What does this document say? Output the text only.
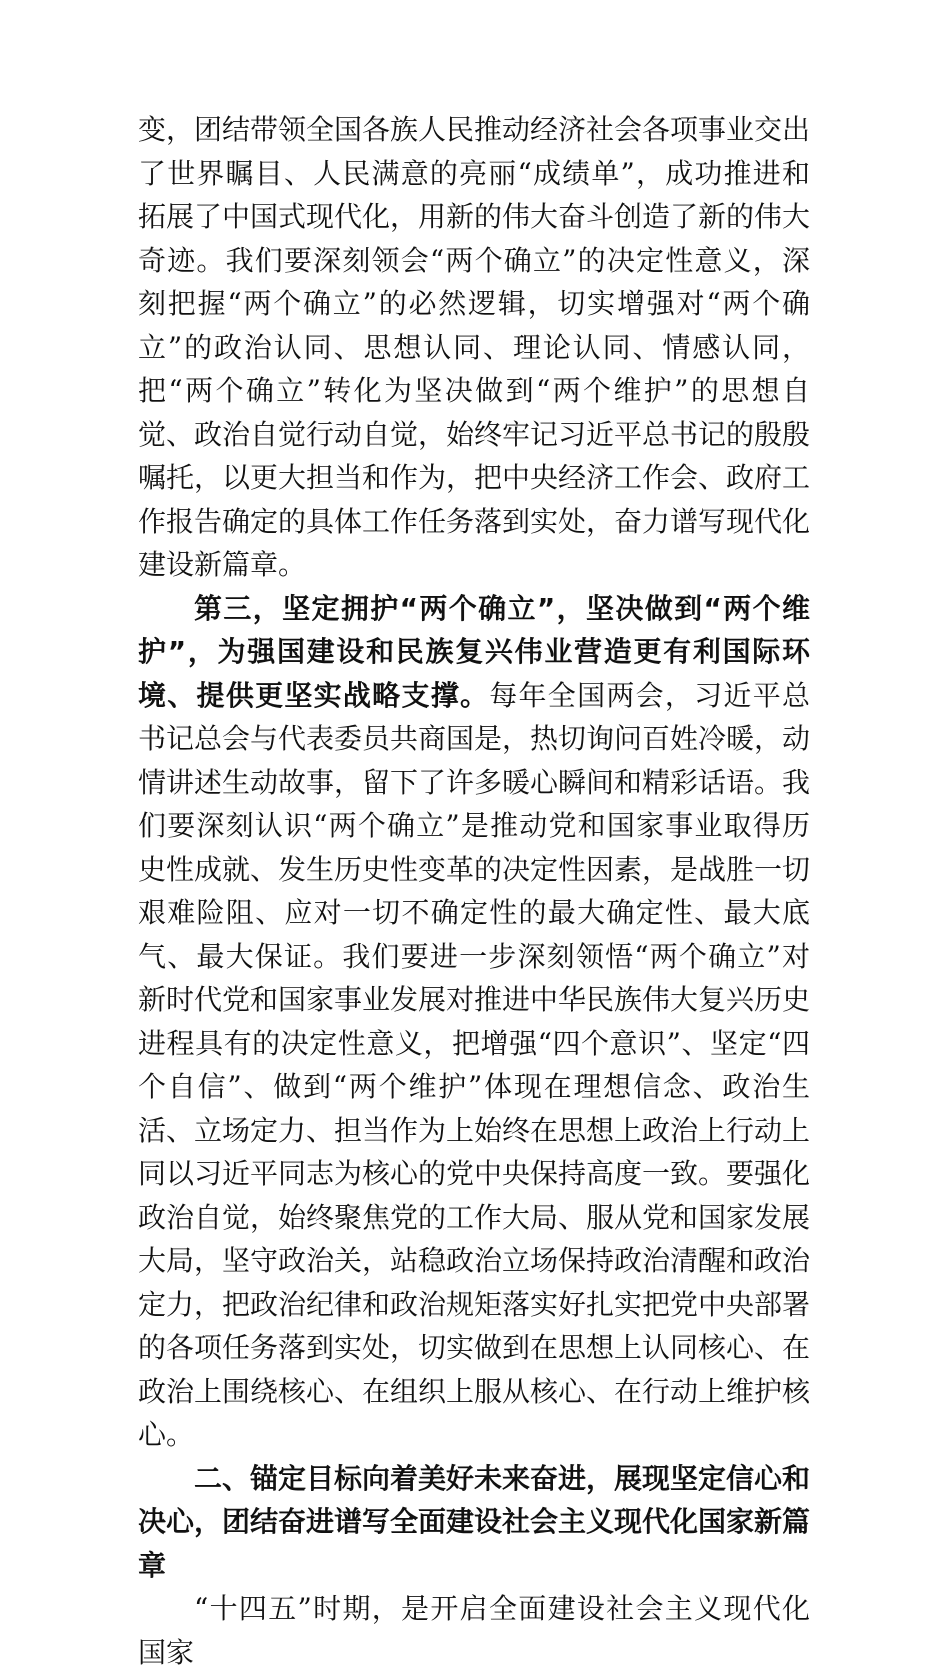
变，团结带领全国各族人民推动经济社会各项事业交出了世界瞩目、人民满意的亮丽“成绩单”，成功推进和拓展了中国式现代化，用新的伟大奋斗创造了新的伟大奇迹。我们要深刻领会“两个确立”的决定性意义，深刻把握“两个确立”的必然逻辑，切实增强对“两个确立”的政治认同、思想认同、理论认同、情感认同，把“两个确立”转化为坚决做到“两个维护”的思想自觉、政治自觉行动自觉，始终牢记习近平总书记的殷殷嘱托，以更大担当和作为，把中央经济工作会、政府工作报告确定的具体工作任务落到实处，奋力谱写现代化建设新篇章。

第三，坚定拥护“两个确立”，坚决做到“两个维护”，为强国建设和民族复兴伟业营造更有利国际环境、提供更坚实战略支撑。每年全国两会，习近平总书记总会与代表委员共商国是，热切询问百姓冷暖，动情讲述生动故事，留下了许多暖心瞬间和精彩话语。我们要深刻认识“两个确立”是推动党和国家事业取得历史性成就、发生历史性变革的决定性因素，是战胜一切艰难险阻、应对一切不确定性的最大确定性、最大底气、最大保证。我们要进一步深刻领悟“两个确立”对新时代党和国家事业发展对推进中华民族伟大复兴历史进程具有的决定性意义，把增强“四个意识”、坚定“四个自信”、做到“两个维护”体现在理想信念、政治生活、立场定力、担当作为上始终在思想上政治上行动上同以习近平同志为核心的党中央保持高度一致。要强化政治自觉，始终聚焦党的工作大局、服从党和国家发展大局，坚守政治关，站稳政治立场保持政治清醒和政治定力，把政治纪律和政治规矩落实好扎实把党中央部署的各项任务落到实处，切实做到在思想上认同核心、在政治上围绕核心、在组织上服从核心、在行动上维护核心。

二、锚定目标向着美好未来奋进，展现坚定信心和决心，团结奋进谱写全面建设社会主义现代化国家新篇章

“十四五”时期，是开启全面建设社会主义现代化国家
